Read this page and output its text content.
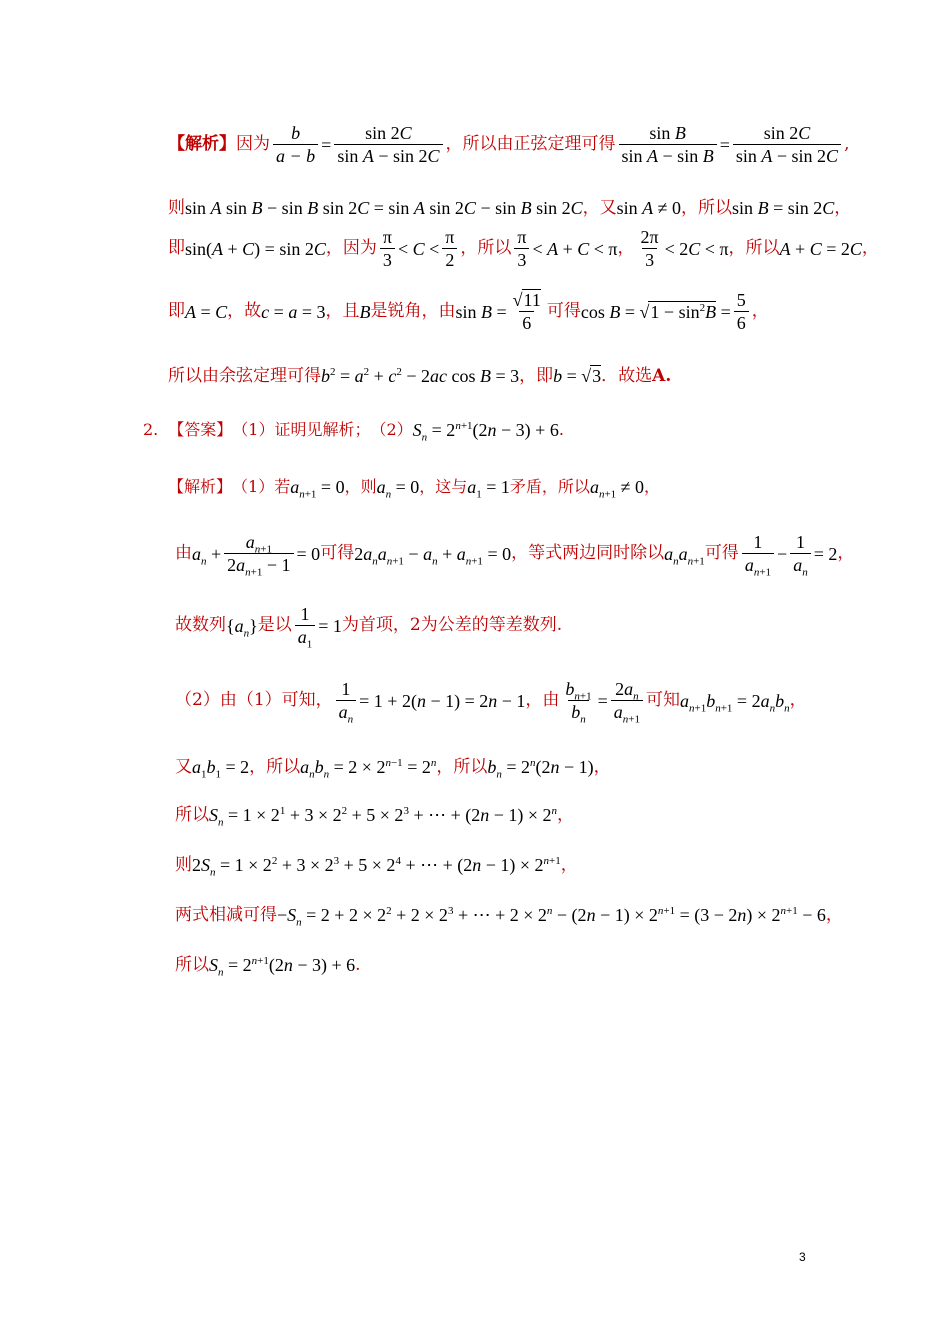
【解析】 因为 $\frac{b}{a - b} = \frac{\sin 2C}{\text{sin A − sin 2C}}$ ，所以由正弦定理可得 $\frac{\text{sin B}}{\text{sin A − sin B}} = \frac{\sin 2C}{\text{sin A − sin 2C}}$ ,
则 sin A sin B − sin B sin 2C = sin A sin 2C − sin B sin 2C ，又 sin A ≠ 0 ，所以 sin B = sin 2C ，
即 sin(A + C) = sin 2C ，因为 $\frac{\pi}{3} < C < \frac{\pi}{2}$ ，所以 $\frac{\pi}{3} < A + C < \pi$ ， $\frac{2\pi}{3} < 2C < \pi$ ，所以 A + C = 2C ，
即 A = C ，故 c = a = 3 ，且 B 是锐角，由 $\sin B = \frac{√11}{6}$ 可得 $\cos B = √1 - \sin^2B = \frac{5}{6}$ ，
所以由余弦定理可得 $b^2 = a^2 + c^2 - 2ac$ cos B = 3 ，即 b = √3 ．故选 A.
2. 【答案】 （1）证明见解析； （2） $S_n = 2^{n+1}(2n - 3) + 6$ .
【解析】 （1）若 $a_{n+1} = 0$ ，则 $a_n = 0$ ，这与 $a_1 = 1$ 矛盾，所以 $a_{n+1} \ne 0$ ，
由 $a_n + \frac{a_{n+1}}{2a_{n+1} - 1} = 0$ 可得 $2a_na_{n+1} - a_n + a_{n+1} = 0$ ，等式两边同时除以 $a_na_{n+1}$ 可得 $\frac{1}{a_{n+1}} - \frac{1}{a_n} = 2$ ，
故数列 $\{a_n\}$ 是以 $\frac{1}{a_1} = 1$ 为首项，2为公差的等差数列.
（2）由（1）可知， $\frac{1}{a_n} = 1 + 2(n - 1) = 2n - 1$ ，由 $\frac{b_{n+1}}{b_n} = \frac{2a_n}{a_{n+1}}$ 可知 $a_{n+1}b_{n+1} = 2a_nb_n$ ，
又 $a_1b_1 = 2$ ，所以 $a_nb_n = 2 \times 2^{n-1} = 2^n$ ，所以 $b_n = 2^n(2n - 1)$ ，
所以 $S_n = 1 \times 2^1 + 3 \times 2^2 + 5 \times 2^3$ + ⋯ + $(2n - 1) \times 2^n$ ，
则 $2S_n = 1 \times 2^2 + 3 \times 2^3 + 5 \times 2^4$ + ⋯ + $(2n - 1) \times 2^{n+1}$ ，
两式相减可得 $-S_n = 2 + 2 \times 2^2 + 2 \times 2^3$ + ⋯ + $2 \times 2^n - (2n - 1) \times 2^{n+1} = (3 - 2n) \times 2^{n+1} - 6$ ，
所以 $S_n = 2^{n+1}(2n - 3) + 6$ .
3
